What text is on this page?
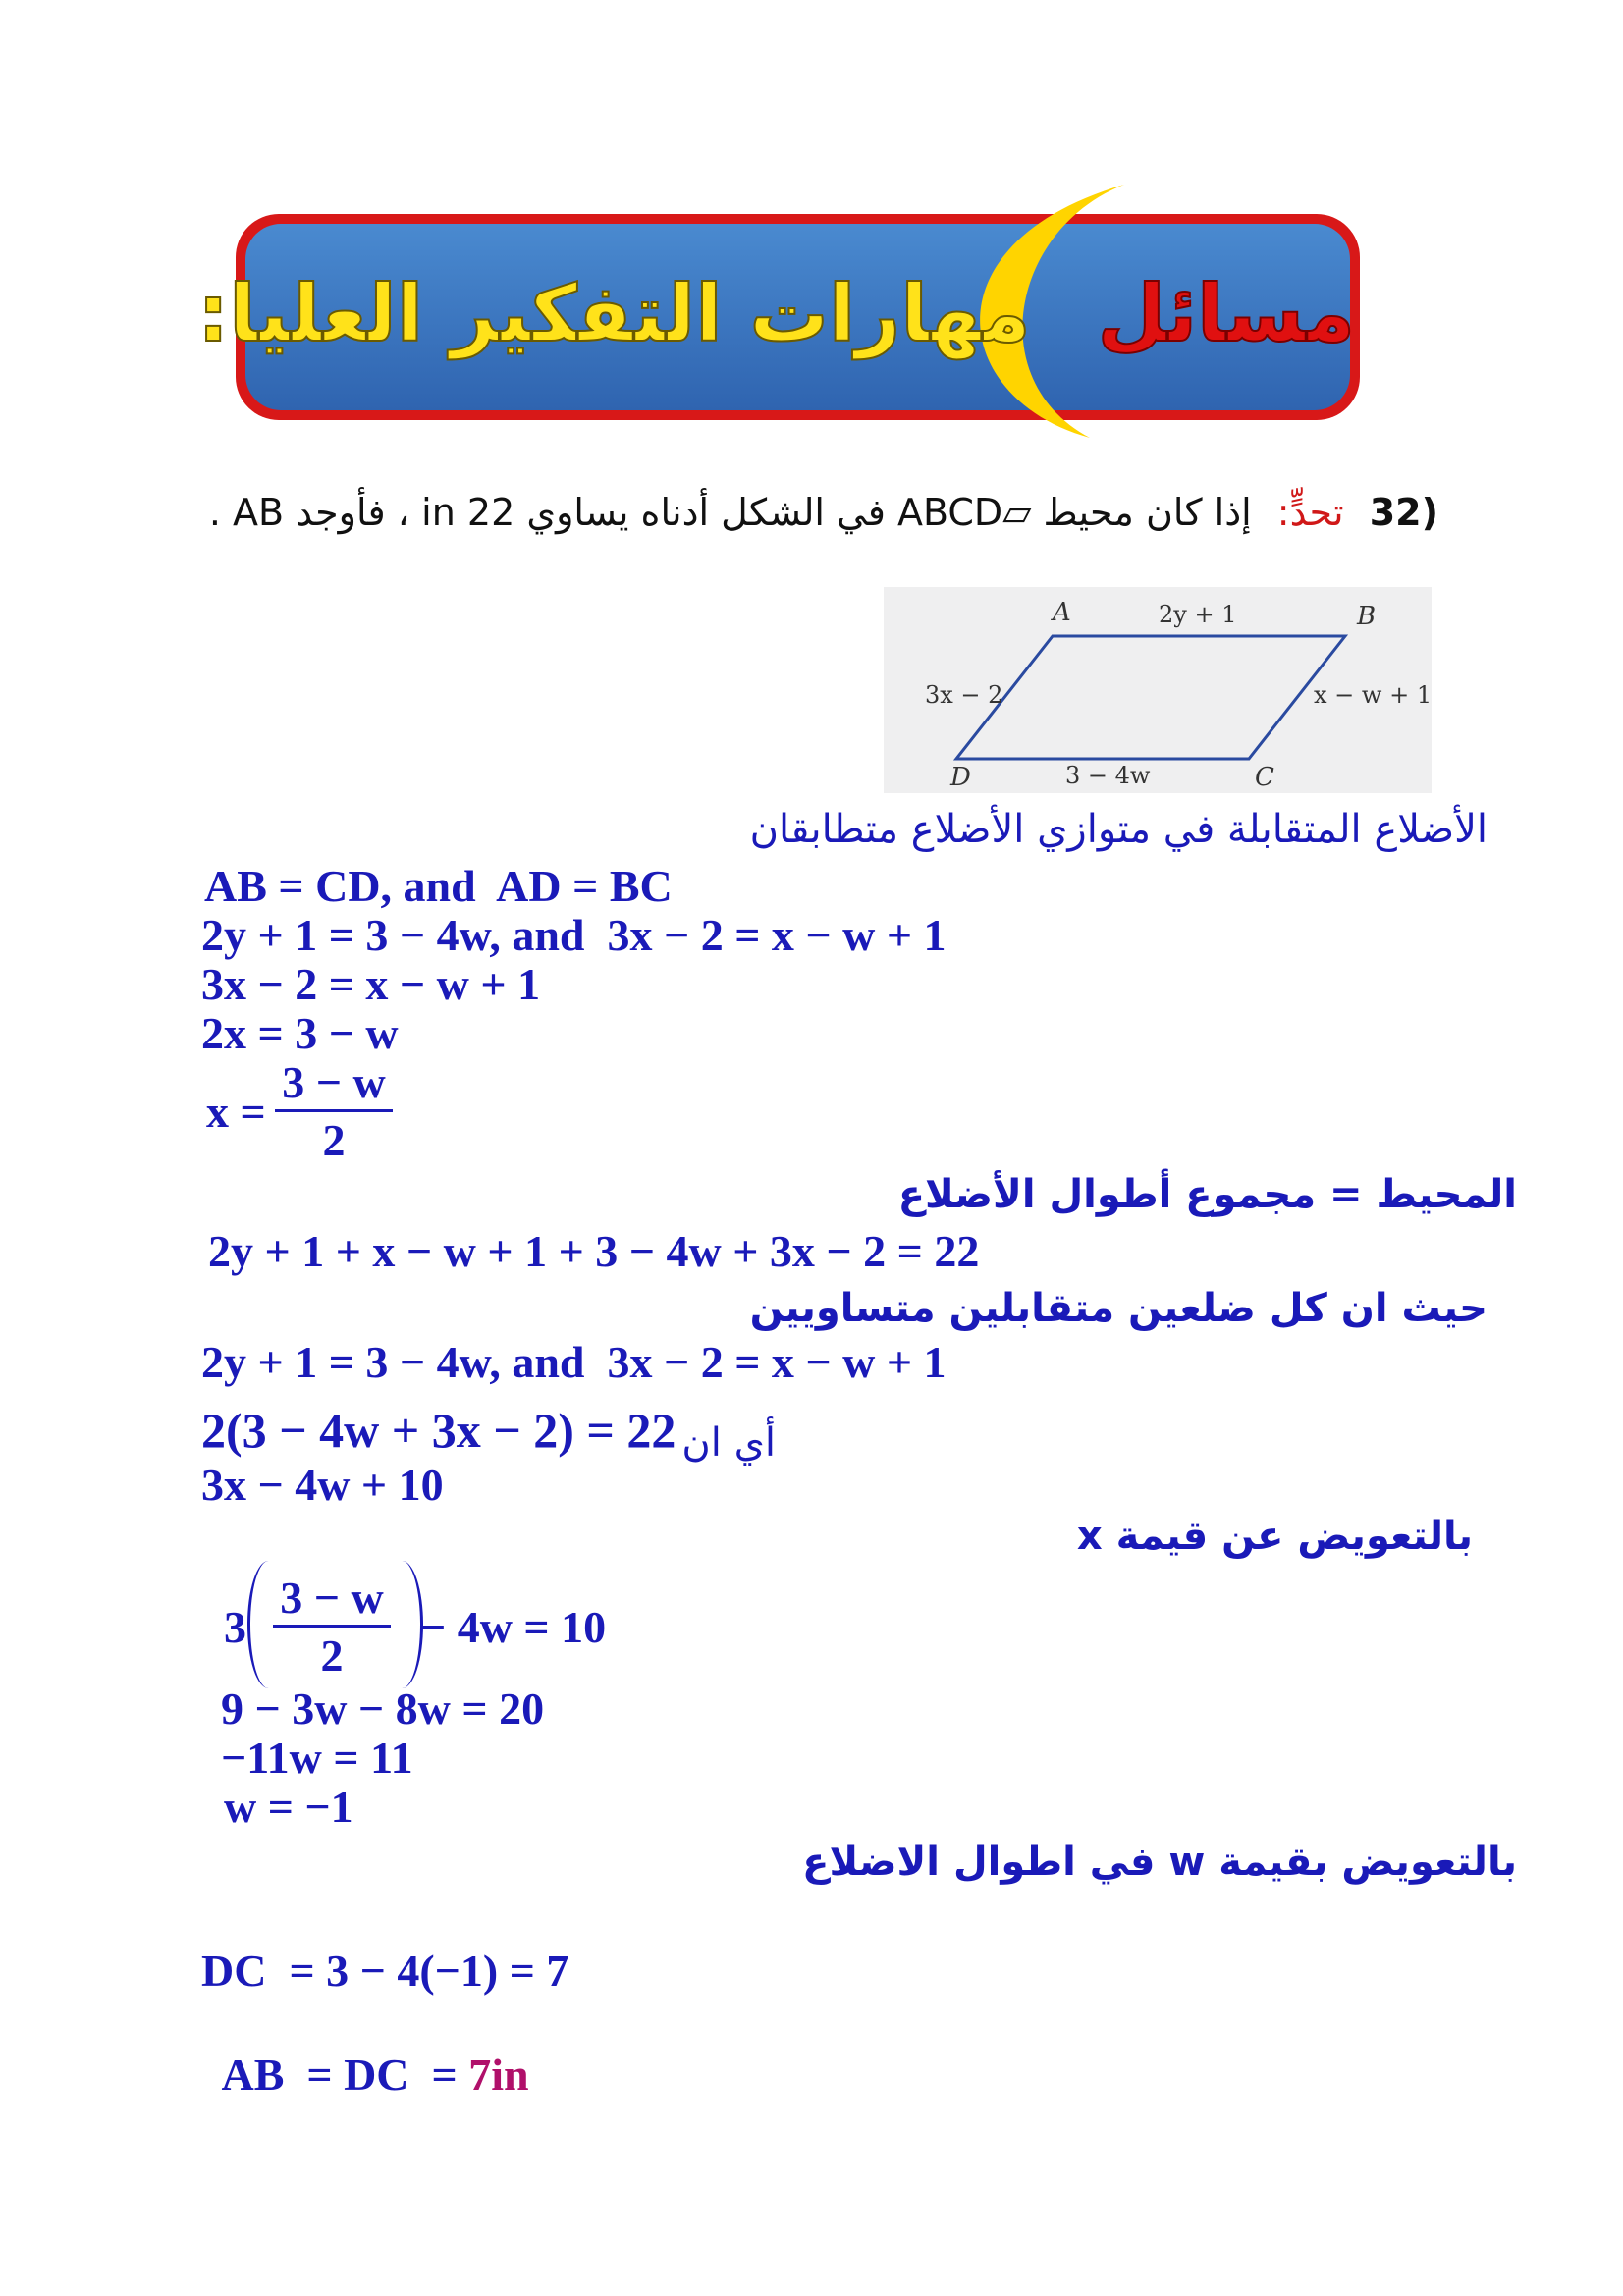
مسائل مهارات التفكير العليا:
(32 تحدٍّ: إذا كان محيط ▱ABCD في الشكل أدناه يساوي 22 in ، فأوجد AB .
A	B
C
D
2y + 1
x − w + 1
3 − 4w
3x − 2
الأضلاع المتقابلة في متوازي الأضلاع متطابقان
AB = CD, and  AD = BC
2y + 1 = 3 − 4w, and  3x − 2 = x − w + 1
3x − 2 = x − w + 1
2x = 3 − w
x =
3 − w
2
المحيط = مجموع أطوال الأضلاع
2y + 1 + x − w + 1 + 3 − 4w + 3x − 2 = 22
حيث ان كل ضلعين متقابلين متساويين
2y + 1 = 3 − 4w, and  3x − 2 = x − w + 1
2(3 − 4w + 3x − 2) = 22 أي ان
3x − 4w + 10
بالتعويض عن قيمة x
3
3 − w
2
− 4w = 10
9 − 3w − 8w = 20
−11w = 11
w = −1
بالتعويض بقيمة w في اطوال الاضلاع
DC  = 3 − 4(−1) = 7

AB  = DC  = 7in
